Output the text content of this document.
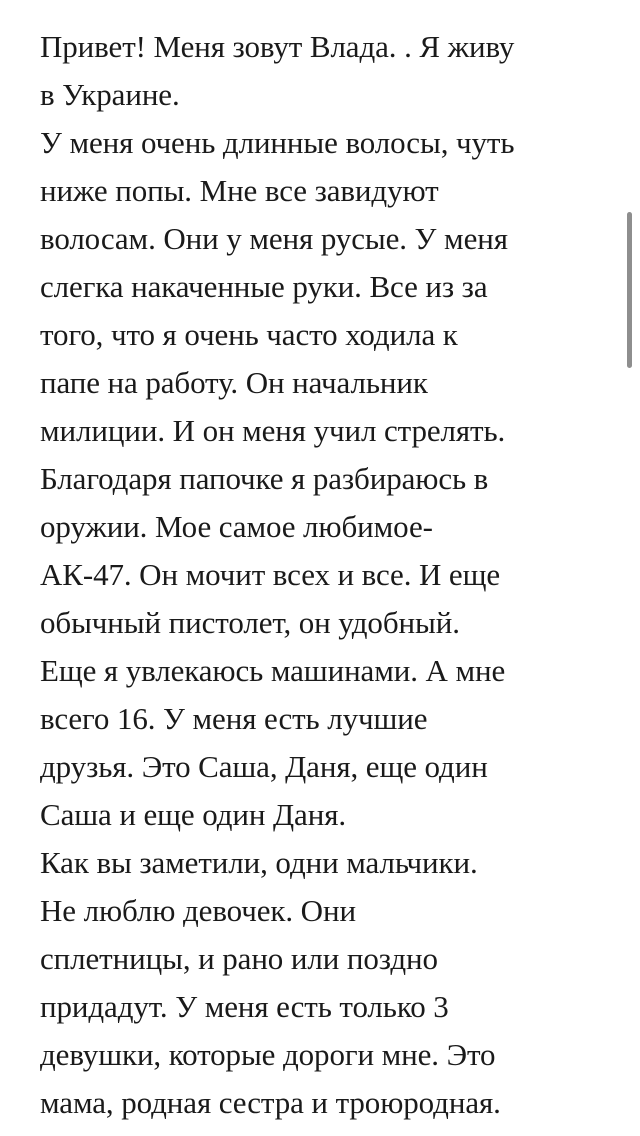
Привет! Меня зовут Влада. . Я живу
в Украине.
У меня очень длинные волосы, чуть
ниже попы. Мне все завидуют
волосам. Они у меня русые. У меня
слегка накаченные руки. Все из за
того, что я очень часто ходила к
папе на работу. Он начальник
милиции. И он меня учил стрелять.
Благодаря папочке я разбираюсь в
оружии. Мое самое любимое-
АК-47. Он мочит всех и все. И еще
обычный пистолет, он удобный.
Еще я увлекаюсь машинами. А мне
всего 16. У меня есть лучшие
друзья. Это Саша, Даня, еще один
Саша и еще один Даня.
Как вы заметили, одни мальчики.
Не люблю девочек. Они
сплетницы, и рано или поздно
придадут. У меня есть только 3
девушки, которые дороги мне. Это
мама, родная сестра и троюродная.
